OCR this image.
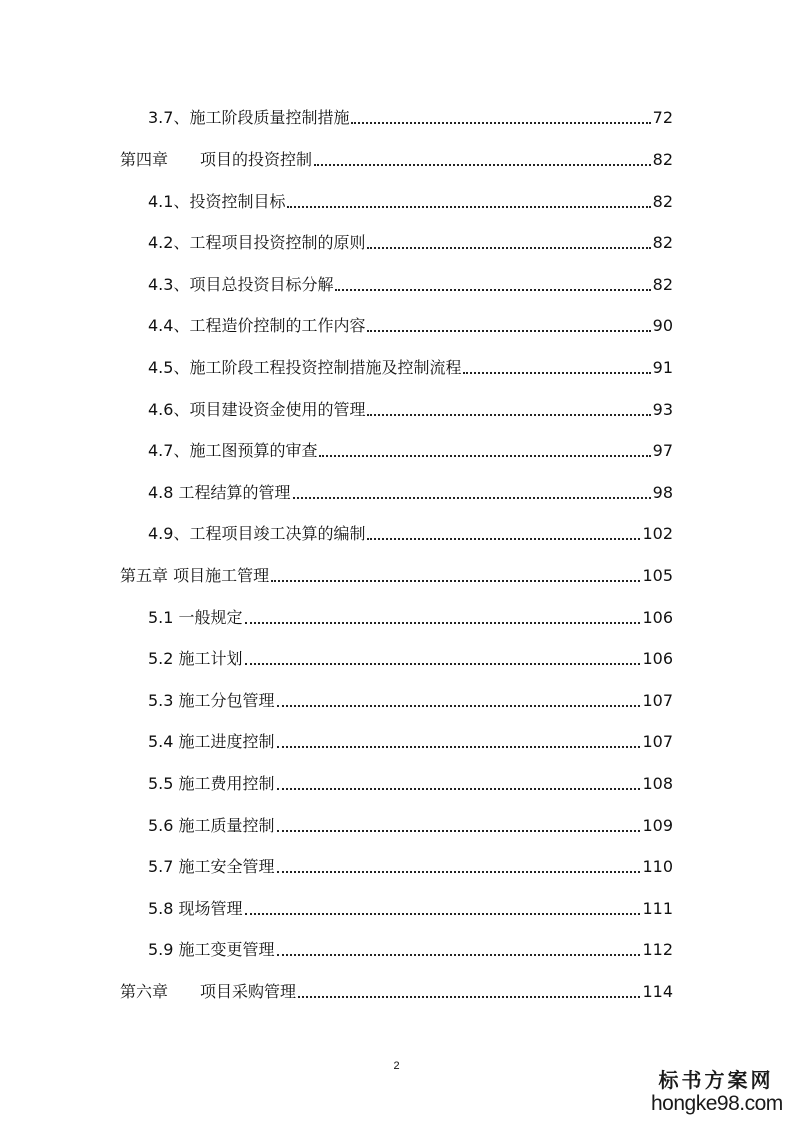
3.7、施工阶段质量控制措施	72
第四章　　项目的投资控制	82
4.1、投资控制目标	82
4.2、工程项目投资控制的原则	82
4.3、项目总投资目标分解	82
4.4、工程造价控制的工作内容	90
4.5、施工阶段工程投资控制措施及控制流程	91
4.6、项目建设资金使用的管理	93
4.7、施工图预算的审查	97
4.8 工程结算的管理	98
4.9、工程项目竣工决算的编制	102
第五章 项目施工管理	105
5.1 一般规定	106
5.2 施工计划	106
5.3 施工分包管理	107
5.4 施工进度控制	107
5.5 施工费用控制	108
5.6 施工质量控制	109
5.7 施工安全管理	110
5.8 现场管理	111
5.9 施工变更管理	112
第六章　　项目采购管理	114
2
标书方案网
hongke98.com
